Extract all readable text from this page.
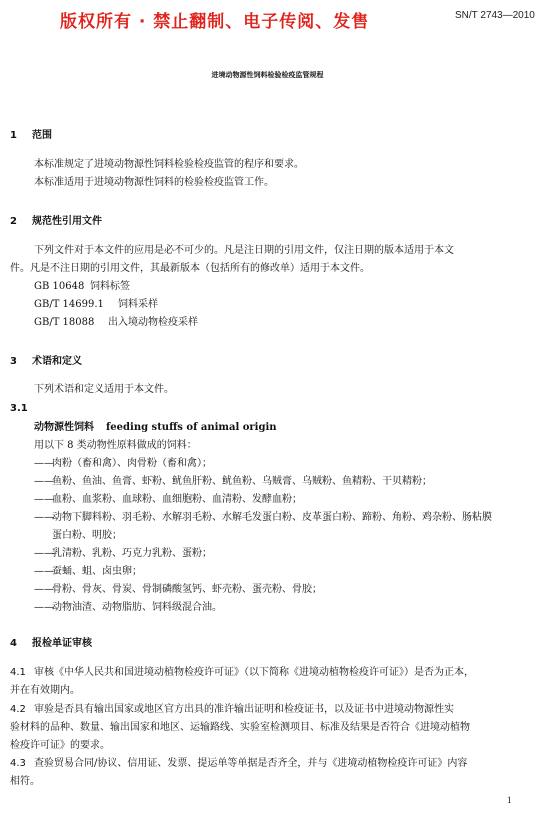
版权所有 · 禁止翻制、电子传阅、发售	SN/T 2743—2010
进境动物源性饲料检验检疫监管规程
1 范围
本标准规定了进境动物源性饲料检验检疫监管的程序和要求。
本标准适用于进境动物源性饲料的检验检疫监管工作。
2 规范性引用文件
下列文件对于本文件的应用是必不可少的。凡是注日期的引用文件，仅注日期的版本适用于本文
件。凡是不注日期的引用文件，其最新版本（包括所有的修改单）适用于本文件。
GB 10648 饲料标签
GB/T 14699.1 饲料采样
GB/T 18088 出入境动物检疫采样
3 术语和定义
下列术语和定义适用于本文件。
3.1
动物源性饲料 feeding stuffs of animal origin
用以下 8 类动物性原料做成的饲料：
——肉粉（畜和禽）、肉骨粉（畜和禽）；
——鱼粉、鱼油、鱼膏、虾粉、鱿鱼肝粉、鱿鱼粉、乌贼膏、乌贼粉、鱼精粉、干贝精粉；
——血粉、血浆粉、血球粉、血细胞粉、血清粉、发酵血粉；
——动物下脚料粉、羽毛粉、水解羽毛粉、水解毛发蛋白粉、皮革蛋白粉、蹄粉、角粉、鸡杂粉、肠粘膜
蛋白粉、明胶；
——乳清粉、乳粉、巧克力乳粉、蛋粉；
——蚕蛹、蛆、卤虫卵；
——骨粉、骨灰、骨炭、骨制磷酸氢钙、虾壳粉、蛋壳粉、骨胶；
——动物油渣、动物脂肪、饲料级混合油。
4 报检单证审核
4.1 审核《中华人民共和国进境动植物检疫许可证》（以下简称《进境动植物检疫许可证》）是否为正本，
并在有效期内。
4.2 审验是否具有输出国家或地区官方出具的准许输出证明和检疫证书，以及证书中进境动物源性实
验材料的品种、数量、输出国家和地区、运输路线、实验室检测项目、标准及结果是否符合《进境动植物
检疫许可证》的要求。
4.3 查验贸易合同/协议、信用证、发票、提运单等单据是否齐全，并与《进境动植物检疫许可证》内容
相符。
1
